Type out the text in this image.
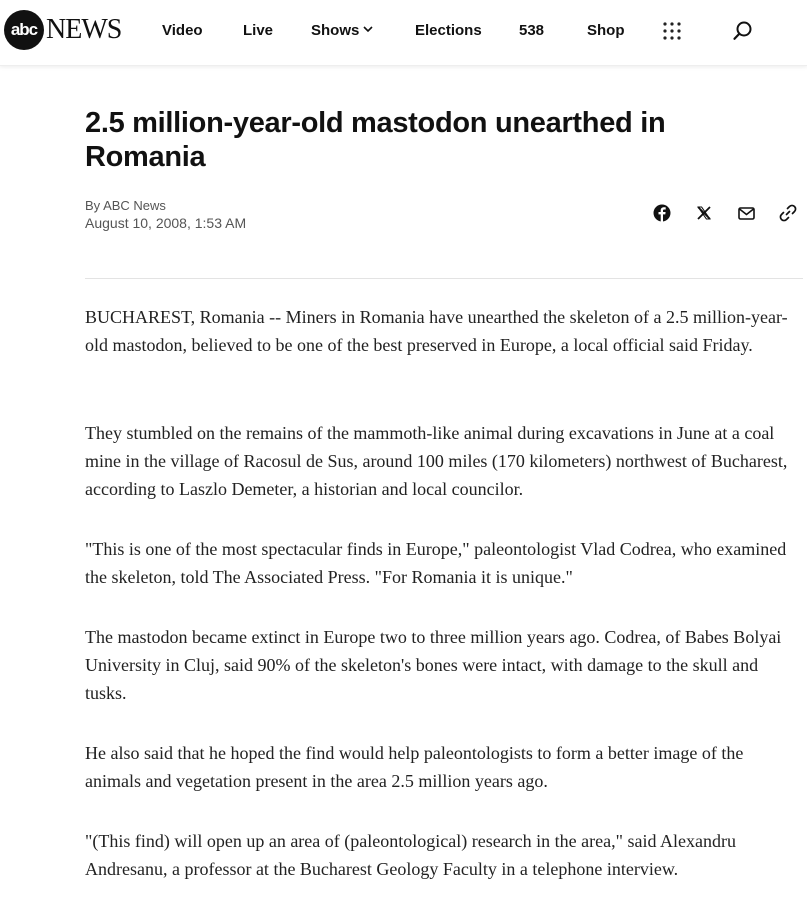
abc NEWS	Video	Live	Shows	Elections 538	Shop
2.5 million-year-old mastodon unearthed in Romania
By ABC News
August 10, 2008, 1:53 AM

BUCHAREST, Romania -- Miners in Romania have unearthed the skeleton of a 2.5 million-year-old mastodon, believed to be one of the best preserved in Europe, a local official said Friday.

They stumbled on the remains of the mammoth-like animal during excavations in June at a coal mine in the village of Racosul de Sus, around 100 miles (170 kilometers) northwest of Bucharest, according to Laszlo Demeter, a historian and local councilor.

"This is one of the most spectacular finds in Europe," paleontologist Vlad Codrea, who examined the skeleton, told The Associated Press. "For Romania it is unique."

The mastodon became extinct in Europe two to three million years ago. Codrea, of Babes Bolyai University in Cluj, said 90% of the skeleton's bones were intact, with damage to the skull and tusks.

He also said that he hoped the find would help paleontologists to form a better image of the animals and vegetation present in the area 2.5 million years ago.

"(This find) will open up an area of (paleontological) research in the area," said Alexandru Andresanu, a professor at the Bucharest Geology Faculty in a telephone interview.
